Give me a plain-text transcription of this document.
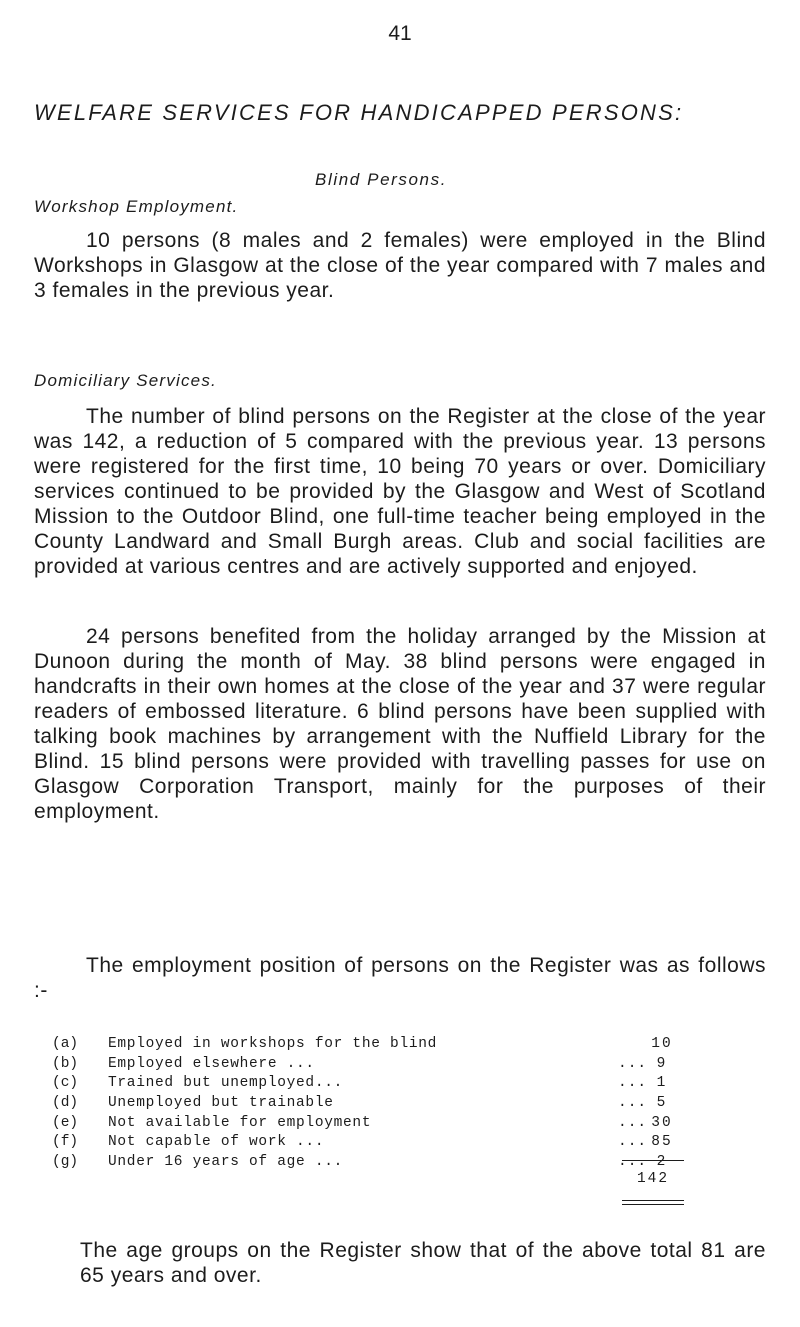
41
WELFARE SERVICES FOR HANDICAPPED PERSONS:
Blind Persons.
Workshop Employment.

10 persons (8 males and 2 females) were employed in the Blind Workshops in Glasgow at the close of the year compared with 7 males and 3 females in the previous year.

Domiciliary Services.

The number of blind persons on the Register at the close of the year was 142, a reduction of 5 compared with the previous year. 13 persons were registered for the first time, 10 being 70 years or over. Domiciliary services continued to be provided by the Glasgow and West of Scotland Mission to the Outdoor Blind, one full-time teacher being employed in the County Landward and Small Burgh areas. Club and social facilities are provided at various centres and are actively supported and enjoyed.

24 persons benefited from the holiday arranged by the Mission at Dunoon during the month of May. 38 blind persons were engaged in handcrafts in their own homes at the close of the year and 37 were regular readers of embossed literature. 6 blind persons have been supplied with talking book machines by arrangement with the Nuffield Library for the Blind. 15 blind persons were provided with travelling passes for use on Glasgow Corporation Transport, mainly for the purposes of their employment.

The employment position of persons on the Register was as follows :-

(a) Employed in workshops for the blind	10
(b) Employed elsewhere ...	... 9
(c) Trained but unemployed...	... 1
(d) Unemployed but trainable	... 5
(e) Not available for employment	... 30
(f) Not capable of work ...	... 85
(g) Under 16 years of age ...	... 2
142

The age groups on the Register show that of the above total 81 are 65 years and over.
